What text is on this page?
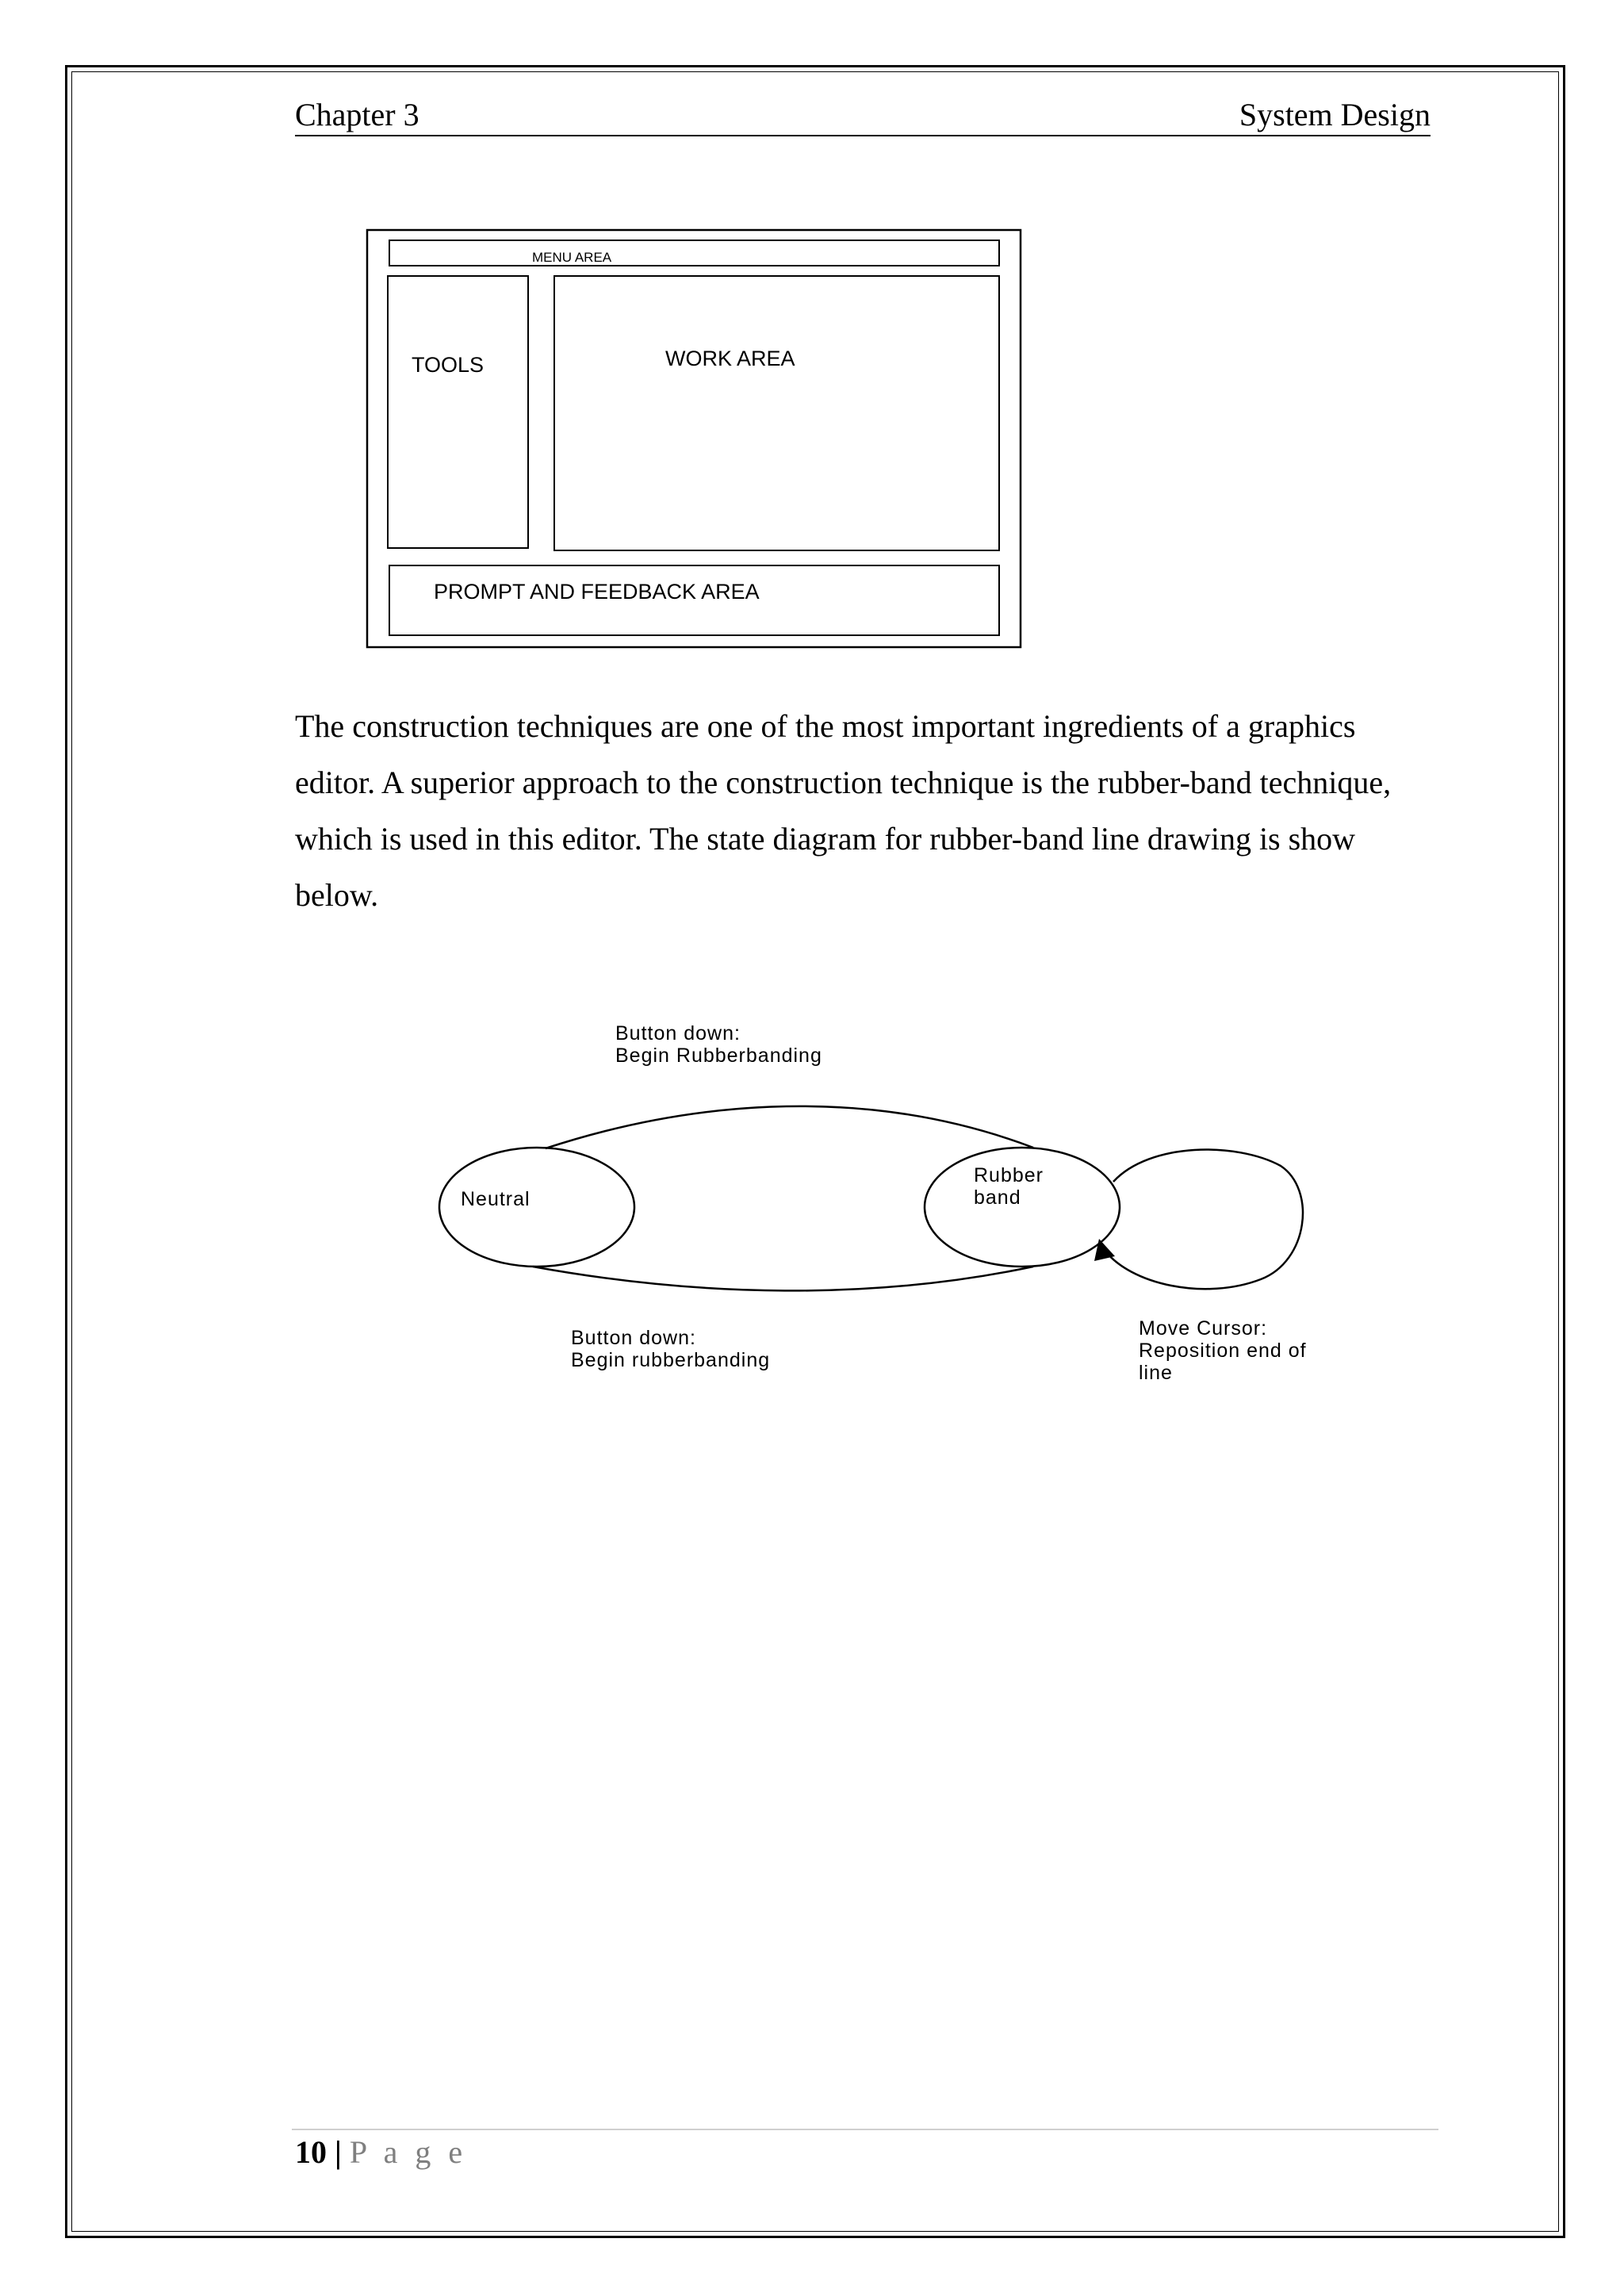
Chapter 3	System Design
MENU AREA
TOOLS	WORK AREA
PROMPT AND FEEDBACK AREA

The construction techniques are one of the most important ingredients of a graphics editor. A superior approach to the construction technique is the rubber-band technique, which is used in this editor. The state diagram for rubber-band line drawing is show below.

Button down:
Begin Rubberbanding
Neutral
Rubber
band
Button down:
Begin rubberbanding
Move Cursor:
Reposition end of
line
10 | P a g e
